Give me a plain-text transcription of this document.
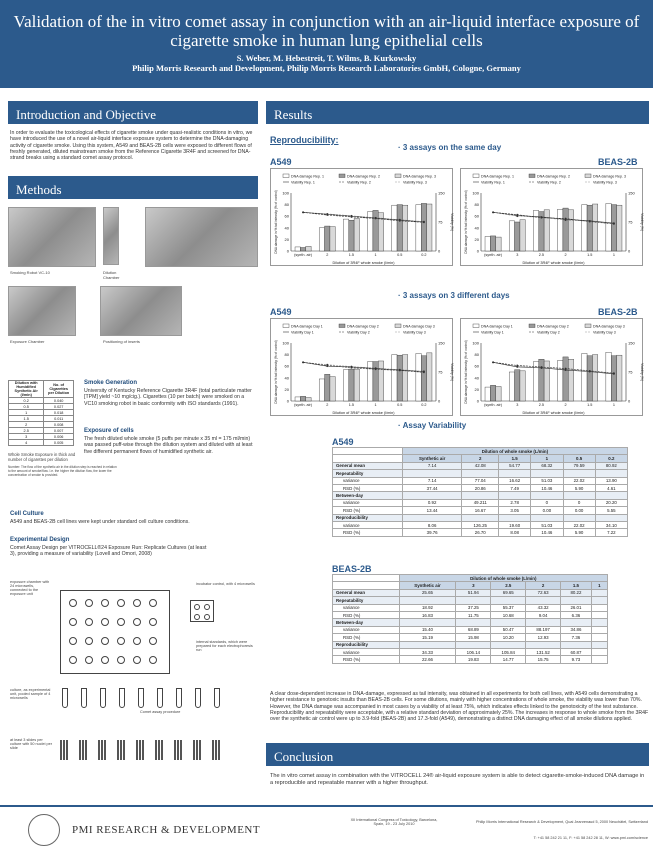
Validation of the in vitro comet assay in conjunction with an air-liquid interface exposure of cigarette smoke in human lung epithelial cells
S. Weber, M. Hebestreit, T. Wilms, B. Kurkowsky
Philip Morris Research and Development, Philip Morris Research Laboratories GmbH, Cologne, Germany
Introduction and Objective
In order to evaluate the toxicological effects of cigarette smoke under quasi-realistic conditions in vitro, we have introduced the use of a novel air-liquid interface exposure system to determine the DNA-damaging activity of cigarette smoke. Using this system, A549 and BEAS-2B cells were exposed to different flows of freshly generated, diluted mainstream smoke from the Reference Cigarette 3R4F and screened for DNA-strand breaks using a standard comet assay protocol.
Methods
Smoking Robot VC-10	Dilution Chamber
Exposure Chamber	Positioning of inserts
Dilution with Humidified Synthetic Air (l/min)	No. of Cigarettes per Dilution
0.2	0.040
0.5	0.027
1	0.018
1.5	0.011
2	0.008
2.5	0.007
3	0.006
4	0.005
Whole Smoke Exposure in thick and number of cigarettes per dilution
Number: The flow of the synthetic air in the dilution step is reached in relation to the amount of smoke/flow. I.e. the higher the dilution flow, the lower the concentration of smoke is provided.
Smoke Generation
University of Kentucky Reference Cigarette 3R4F (total particulate matter [TPM] yield ~10 mg/cig.). Cigarettes (10 per batch) were smoked on a VC10 smoking robot in basic conformity with ISO standards (1991).
Exposure of cells
The fresh diluted whole smoke (5 puffs per minute x 35 ml = 175 ml/min) was passed puff-wise through the dilution system and diluted with at least five different permanent flows of humidified synthetic air.
Cell Culture
A549 and BEAS-2B cell lines were kept under standard cell culture conditions.
Experimental Design
Comet Assay Design per VITROCELL®24 Exposure Run: Replicate Cultures (at least 3), providing a measure of variability (Lovell and Omori, 2008)
exposure chamber with 24 microwells, connected to the exposure unit
incubator control, with 4 microwells
internal standards, which were prepared for each electrophoresis run
culture, as experimental unit, pooled sample of 4 microwells
Comet assay procedure
at least 3 slides per culture with 50 nuclei per slide
Results
Reproducibility:
· 3 assays on the same day
A549	BEAS-2B
DNA damage Rep. 1	DNA damage Rep. 2	DNA damage Rep. 3
Viability Rep. 1	Viability Rep. 2	Viability Rep. 3
0
20
40
60
80
100
0
75
150
DNA damage in % tail intensity (% of control)	Viability (%)
Dilution of 3R4F whole smoke (l/min)
(synth. air)	2	1.5	1	0.5	0.2
DNA damage Rep. 1	DNA damage Rep. 2	DNA damage Rep. 3
Viability Rep. 1	Viability Rep. 2	Viability Rep. 3
0
20
40
60
80
100
0
75
150
DNA damage in % tail intensity (% of control)	Viability (%)
Dilution of 3R4F whole smoke (l/min)
(synth. air)	3	2.5	2	1.5	1
· 3 assays on 3 different days
A549	BEAS-2B
DNA damage Day 1	DNA damage Day 2	DNA damage Day 3
Viability Day 1	Viability Day 2	Viability Day 3
0
20
40
60
80
100
0
75
150
DNA damage in % tail intensity (% of control)	Viability (%)
Dilution of 3R4F whole smoke (l/min)
(synth. air)	2	1.5	1	0.5	0.2
DNA damage Day 1	DNA damage Day 2	DNA damage Day 3
Viability Day 1	Viability Day 2	Viability Day 3
0
20
40
60
80
100
0
75
150
DNA damage in % tail intensity (% of control)	Viability (%)
Dilution of 3R4F whole smoke (l/min)
(synth. air)	3	2.5	2	1.5	1
· Assay Variability
A549
	Dilution of whole smoke (L/min)					
	Synthetic air	2	1.5	1	0.5	0.2
General mean	7.14	42.08	54.77	68.32	79.59	80.92
Repeatability						
variance	7.14	77.04	16.62	51.03	22.02	13.90
RSD (%)	37.44	20.86	7.49	10.46	5.90	4.61
Between-day						
variance	0.92	49.211	2.78	0	0	20.20
RSD (%)	13.44	16.67	3.05	0.00	0.00	5.55
Reproducibility						
variance	8.06	126.25	19.60	51.03	22.02	34.10
RSD (%)	39.76	26.70	8.08	10.46	5.90	7.22
BEAS-2B
	Dilution of whole smoke (L/min)					
	Synthetic air	3	2.5	2	1.5	1
General mean	25.65	51.94	69.65	72.63	80.22	
Repeatability						
variance	18.92	37.25	55.37	43.32	26.01	
RSD (%)	16.83	11.75	10.68	9.04	6.36	
Between-day						
variance	15.40	68.89	50.47	88.197	34.86	
RSD (%)	15.19	15.98	10.20	12.93	7.36	
Reproducibility						
variance	34.33	106.14	105.84	131.52	60.87	
RSD (%)	22.66	19.83	14.77	15.75	9.73	
A clear dose-dependent increase in DNA-damage, expressed as tail intensity, was obtained in all experiments for both cell lines, with A549 cells demonstrating a higher resistance to genotoxic insults than BEAS-2B cells. For some dilutions, mainly with higher concentrations of whole smoke, the viability was lower than 70%. However, the DNA damage was accompanied in most cases by a viability of at least 75%, which indicates effects linked to the genotoxicity of the test substance. Reproducibility and repeatability were acceptable, with a relative standard deviation of approximately 25%. The increases in response to whole smoke from the 3R4F over the synthetic air control were up to 3.9-fold (BEAS-2B) and 17.3-fold (A549), demonstrating a distinct DNA damaging effect of all smoke dilutions applied.
Conclusion
The in vitro comet assay in combination with the VITROCELL 24® air-liquid exposure system is able to detect cigarette-smoke-induced DNA damage in a reproducible and repeatable manner with a higher throughput.
PMI RESEARCH & DEVELOPMENT
XII International Congress of Toxicology, Barcelona, Spain, 19 - 23 July 2010	Philip Morris International Research & Development, Quai Jeanrenaud 5, 2000 Neuchâtel, Switzerland
T: +41 58 242 21 11, F: +41 58 242 28 11, W: www.pmi.com/science
